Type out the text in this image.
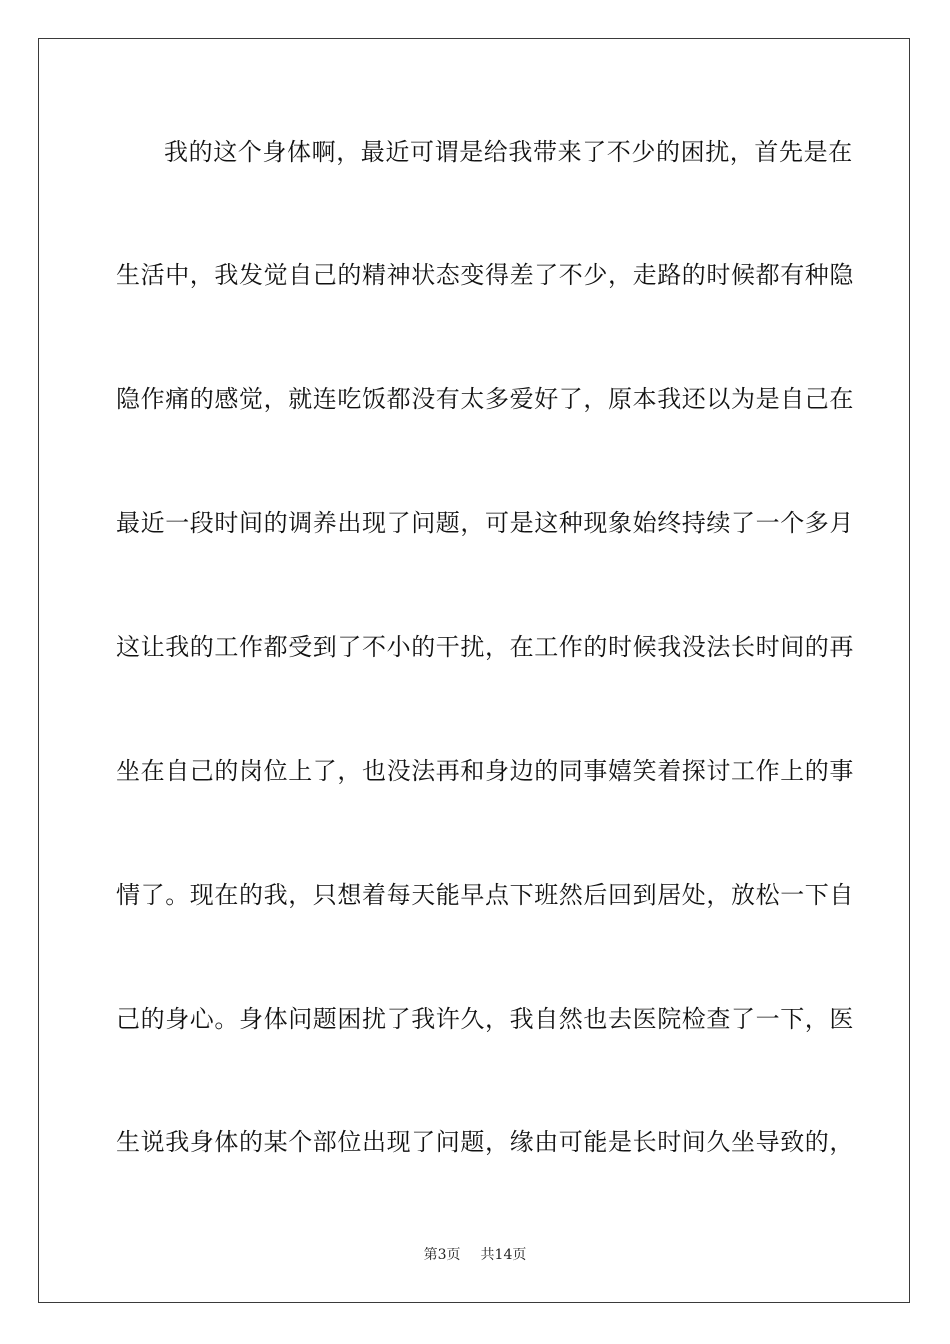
我的这个身体啊，最近可谓是给我带来了不少的困扰，首先是在
生活中，我发觉自己的精神状态变得差了不少，走路的时候都有种隐
隐作痛的感觉，就连吃饭都没有太多爱好了，原本我还以为是自己在
最近一段时间的调养出现了问题，可是这种现象始终持续了一个多月
这让我的工作都受到了不小的干扰，在工作的时候我没法长时间的再
坐在自己的岗位上了，也没法再和身边的同事嬉笑着探讨工作上的事
情了。现在的我，只想着每天能早点下班然后回到居处，放松一下自
己的身心。身体问题困扰了我许久，我自然也去医院检查了一下，医
生说我身体的某个部位出现了问题，缘由可能是长时间久坐导致的，
第3页 共14页
